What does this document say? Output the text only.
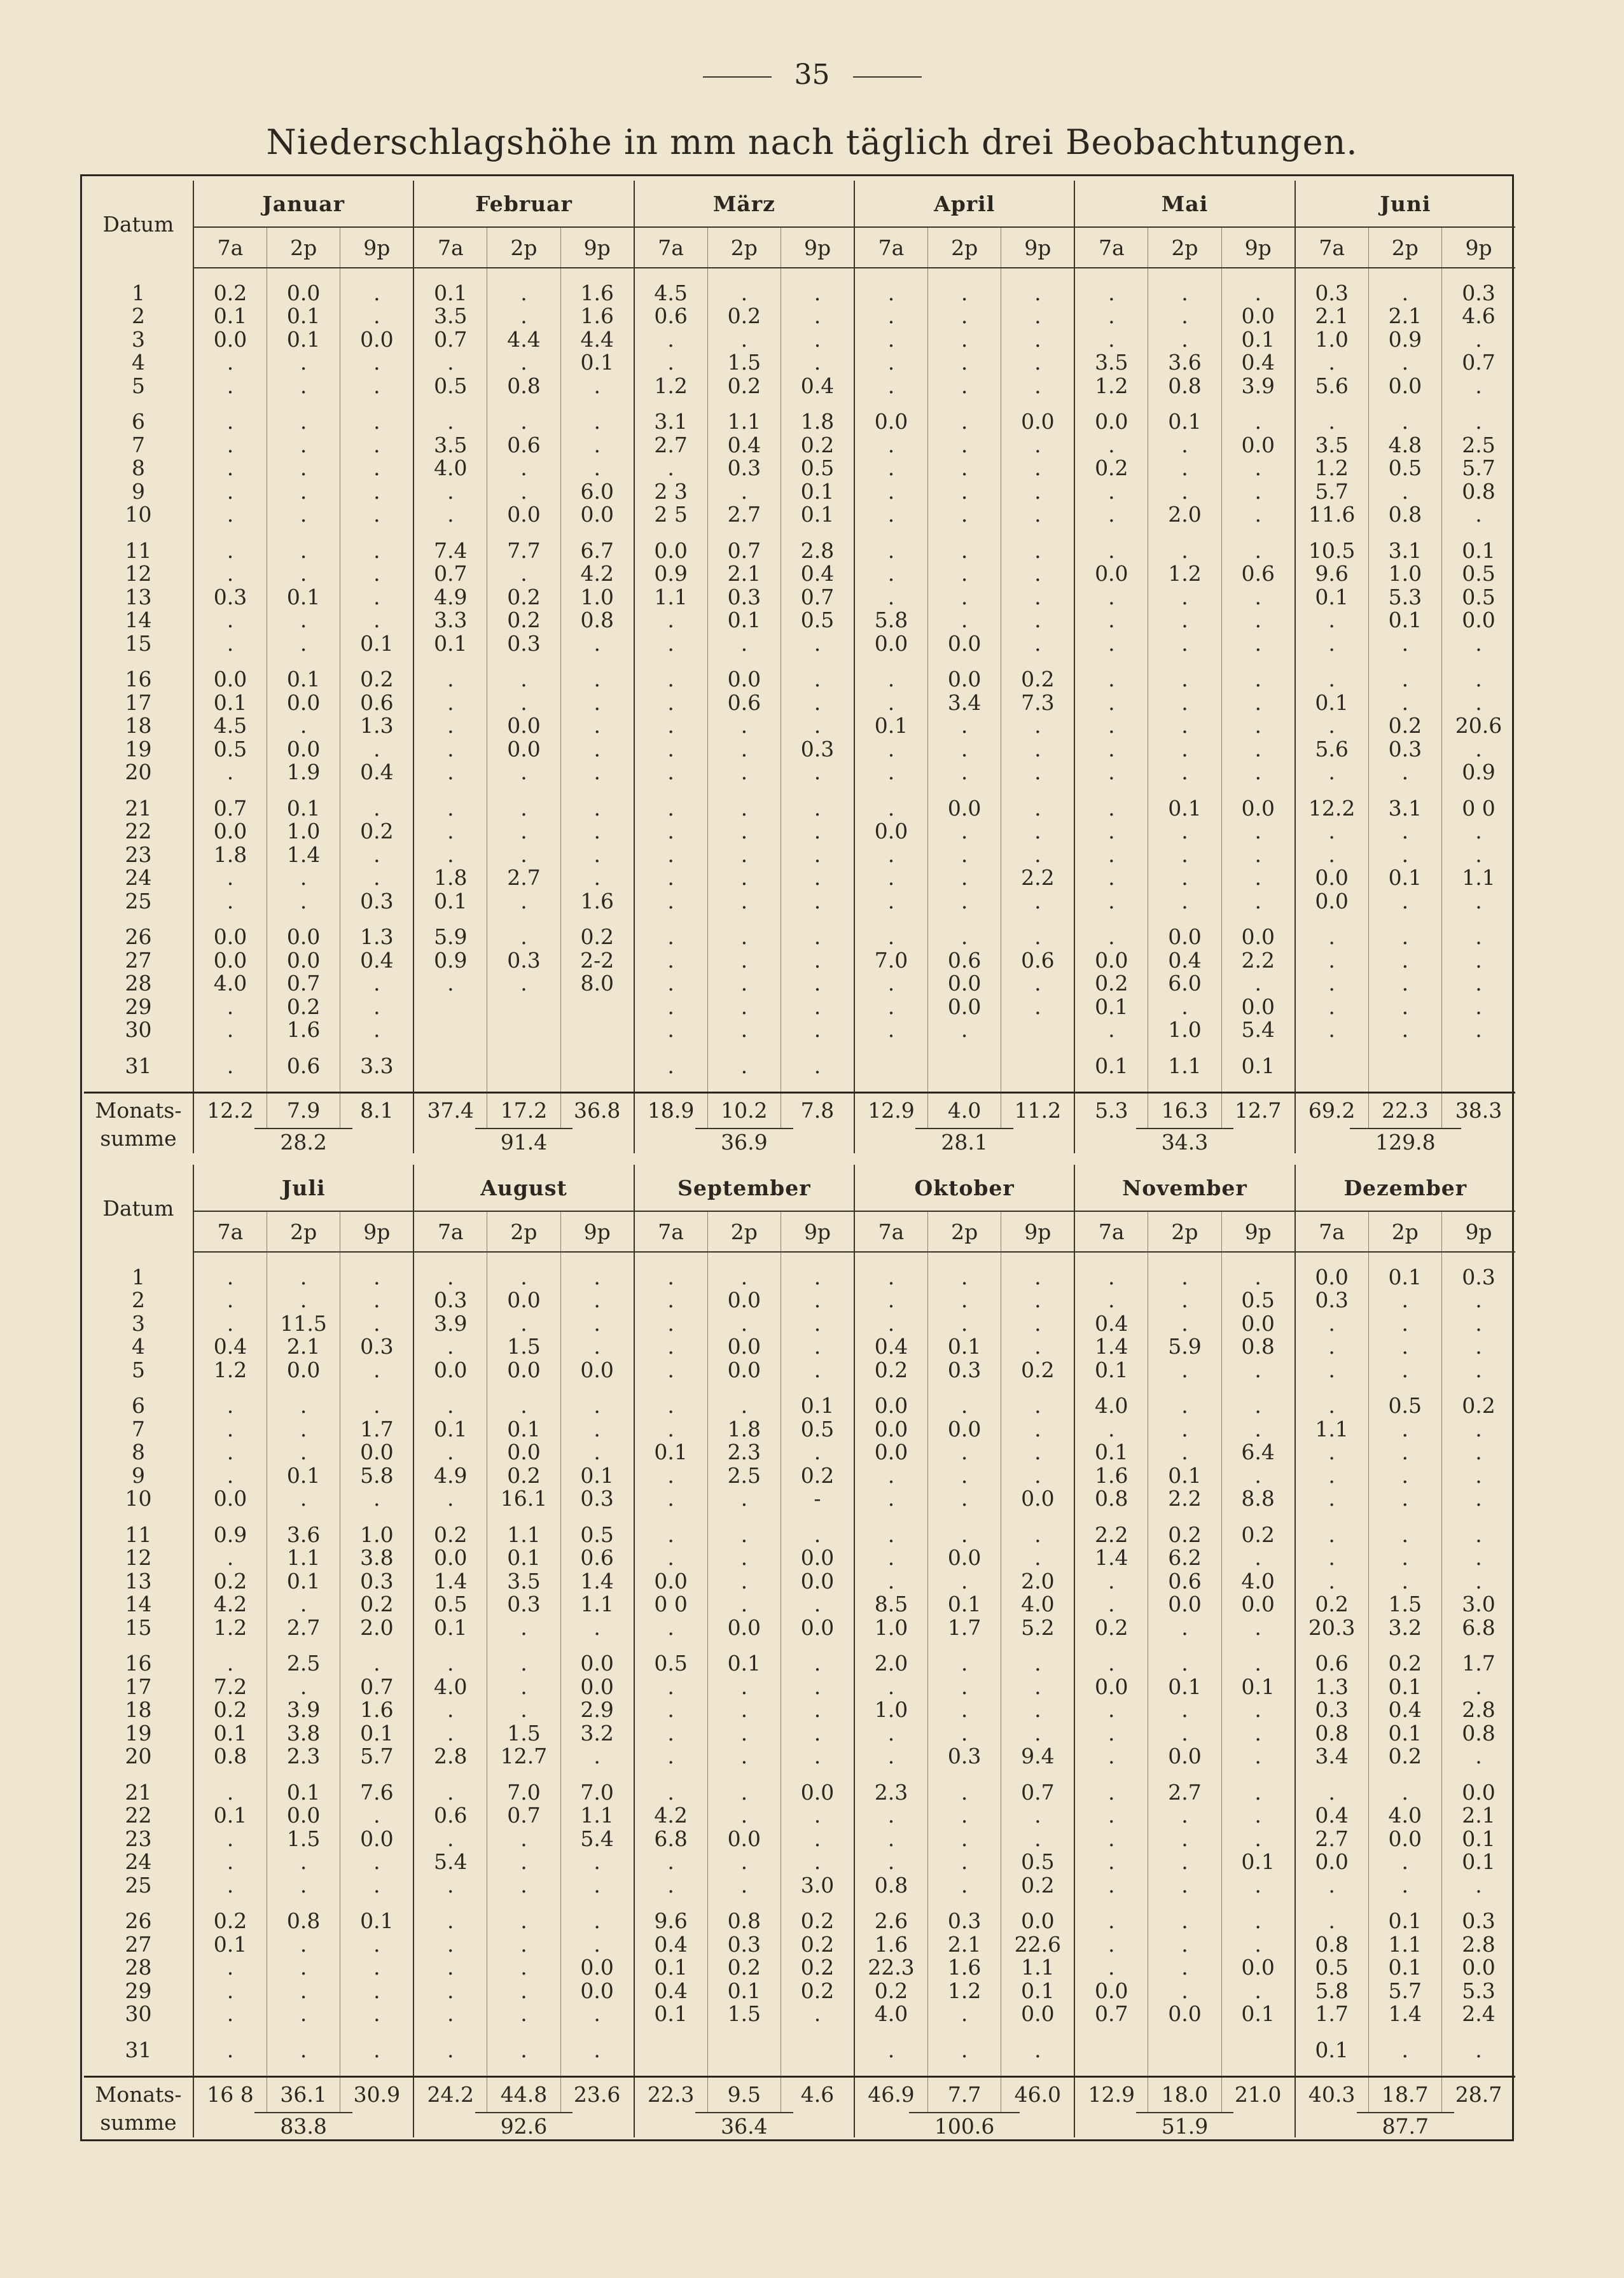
35
Niederschlagshöhe in mm nach täglich drei Beobachtungen.
Datum	Januar			Februar			März			April			Mai			Juni		
	7a	2p	9p	7a	2p	9p	7a	2p	9p	7a	2p	9p	7a	2p	9p	7a	2p	9p

1	0.2	0.0	.	0.1	.	1.6	4.5	.	.	.	.	.	.	.	.	0.3	.	0.3
2	0.1	0.1	.	3.5	.	1.6	0.6	0.2	.	.	.	.	.	.	0.0	2.1	2.1	4.6
3	0.0	0.1	0.0	0.7	4.4	4.4	.	.	.	.	.	.	.	.	0.1	1.0	0.9	.
4	.	.	.	.	.	0.1	.	1.5	.	.	.	.	3.5	3.6	0.4	.	.	0.7
5	.	.	.	0.5	0.8	.	1.2	0.2	0.4	.	.	.	1.2	0.8	3.9	5.6	0.0	.

6	.	.	.	.	.	.	3.1	1.1	1.8	0.0	.	0.0	0.0	0.1	.	.	.	.
7	.	.	.	3.5	0.6	.	2.7	0.4	0.2	.	.	.	.	.	0.0	3.5	4.8	2.5
8	.	.	.	4.0	.	.	.	0.3	0.5	.	.	.	0.2	.	.	1.2	0.5	5.7
9	.	.	.	.	.	6.0	2 3	.	0.1	.	.	.	.	.	.	5.7	.	0.8
10	.	.	.	.	0.0	0.0	2 5	2.7	0.1	.	.	.	.	2.0	.	11.6	0.8	.

11	.	.	.	7.4	7.7	6.7	0.0	0.7	2.8	.	.	.	.	.	.	10.5	3.1	0.1
12	.	.	.	0.7	.	4.2	0.9	2.1	0.4	.	.	.	0.0	1.2	0.6	9.6	1.0	0.5
13	0.3	0.1	.	4.9	0.2	1.0	1.1	0.3	0.7	.	.	.	.	.	.	0.1	5.3	0.5
14	.	.	.	3.3	0.2	0.8	.	0.1	0.5	5.8	.	.	.	.	.	.	0.1	0.0
15	.	.	0.1	0.1	0.3	.	.	.	.	0.0	0.0	.	.	.	.	.	.	.

16	0.0	0.1	0.2	.	.	.	.	0.0	.	.	0.0	0.2	.	.	.	.	.	.
17	0.1	0.0	0.6	.	.	.	.	0.6	.	.	3.4	7.3	.	.	.	0.1	.	.
18	4.5	.	1.3	.	0.0	.	.	.	.	0.1	.	.	.	.	.	.	0.2	20.6
19	0.5	0.0	.	.	0.0	.	.	.	0.3	.	.	.	.	.	.	5.6	0.3	.
20	.	1.9	0.4	.	.	.	.	.	.	.	.	.	.	.	.	.	.	0.9

21	0.7	0.1	.	.	.	.	.	.	.	.	0.0	.	.	0.1	0.0	12.2	3.1	0 0
22	0.0	1.0	0.2	.	.	.	.	.	.	0.0	.	.	.	.	.	.	.	.
23	1.8	1.4	.	.	.	.	.	.	.	.	.	.	.	.	.	.	.	.
24	.	.	.	1.8	2.7	.	.	.	.	.	.	2.2	.	.	.	0.0	0.1	1.1
25	.	.	0.3	0.1	.	1.6	.	.	.	.	.	.	.	.	.	0.0	.	.

26	0.0	0.0	1.3	5.9	.	0.2	.	.	.	.	.	.	.	0.0	0.0	.	.	.
27	0.0	0.0	0.4	0.9	0.3	2-2	.	.	.	7.0	0.6	0.6	0.0	0.4	2.2	.	.	.
28	4.0	0.7	.	.	.	8.0	.	.	.	.	0.0	.	0.2	6.0	.	.	.	.
29	.	0.2	.				.	.	.	.	0.0	.	0.1	.	0.0	.	.	.
30	.	1.6	.				.	.	.	.	.		.	1.0	5.4	.	.	.

31	.	0.6	3.3				.	.	.				0.1	1.1	0.1			

Monats-	12.2	7.9	8.1	37.4	17.2	36.8	18.9	10.2	7.8	12.9	4.0	11.2	5.3	16.3	12.7	69.2	22.3	38.3
summe	28.2			91.4			36.9			28.1			34.3			129.8		
Datum	Juli			August			September			Oktober			November			Dezember		
	7a	2p	9p	7a	2p	9p	7a	2p	9p	7a	2p	9p	7a	2p	9p	7a	2p	9p

1	.	.	.	.	.	.	.	.	.	.	.	.	.	.	.	0.0	0.1	0.3
2	.	.	.	0.3	0.0	.	.	0.0	.	.	.	.	.	.	0.5	0.3	.	.
3	.	11.5	.	3.9	.	.	.	.	.	.	.	.	0.4	.	0.0	.	.	.
4	0.4	2.1	0.3	.	1.5	.	.	0.0	.	0.4	0.1	.	1.4	5.9	0.8	.	.	.
5	1.2	0.0	.	0.0	0.0	0.0	.	0.0	.	0.2	0.3	0.2	0.1	.	.	.	.	.

6	.	.	.	.	.	.	.	.	0.1	0.0	.	.	4.0	.	.	.	0.5	0.2
7	.	.	1.7	0.1	0.1	.	.	1.8	0.5	0.0	0.0	.	.	.	.	1.1	.	.
8	.	.	0.0	.	0.0	.	0.1	2.3	.	0.0	.	.	0.1	.	6.4	.	.	.
9	.	0.1	5.8	4.9	0.2	0.1	.	2.5	0.2	.	.	.	1.6	0.1	.	.	.	.
10	0.0	.	.	.	16.1	0.3	.	.	-	.	.	0.0	0.8	2.2	8.8	.	.	.

11	0.9	3.6	1.0	0.2	1.1	0.5	.	.	.	.	.	.	2.2	0.2	0.2	.	.	.
12	.	1.1	3.8	0.0	0.1	0.6	.	.	0.0	.	0.0	.	1.4	6.2	.	.	.	.
13	0.2	0.1	0.3	1.4	3.5	1.4	0.0	.	0.0	.	.	2.0	.	0.6	4.0	.	.	.
14	4.2	.	0.2	0.5	0.3	1.1	0 0	.	.	8.5	0.1	4.0	.	0.0	0.0	0.2	1.5	3.0
15	1.2	2.7	2.0	0.1	.	.	.	0.0	0.0	1.0	1.7	5.2	0.2	.	.	20.3	3.2	6.8

16	.	2.5	.	.	.	0.0	0.5	0.1	.	2.0	.	.	.	.	.	0.6	0.2	1.7
17	7.2	.	0.7	4.0	.	0.0	.	.	.	.	.	.	0.0	0.1	0.1	1.3	0.1	.
18	0.2	3.9	1.6	.	.	2.9	.	.	.	1.0	.	.	.	.	.	0.3	0.4	2.8
19	0.1	3.8	0.1	.	1.5	3.2	.	.	.	.	.	.	.	.	.	0.8	0.1	0.8
20	0.8	2.3	5.7	2.8	12.7	.	.	.	.	.	0.3	9.4	.	0.0	.	3.4	0.2	.

21	.	0.1	7.6	.	7.0	7.0	.	.	0.0	2.3	.	0.7	.	2.7	.	.	.	0.0
22	0.1	0.0	.	0.6	0.7	1.1	4.2	.	.	.	.	.	.	.	.	0.4	4.0	2.1
23	.	1.5	0.0	.	.	5.4	6.8	0.0	.	.	.	.	.	.	.	2.7	0.0	0.1
24	.	.	.	5.4	.	.	.	.	.	.	.	0.5	.	.	0.1	0.0	.	0.1
25	.	.	.	.	.	.	.	.	3.0	0.8	.	0.2	.	.	.	.	.	.

26	0.2	0.8	0.1	.	.	.	9.6	0.8	0.2	2.6	0.3	0.0	.	.	.	.	0.1	0.3
27	0.1	.	.	.	.	.	0.4	0.3	0.2	1.6	2.1	22.6	.	.	.	0.8	1.1	2.8
28	.	.	.	.	.	0.0	0.1	0.2	0.2	22.3	1.6	1.1	.	.	0.0	0.5	0.1	0.0
29	.	.	.	.	.	0.0	0.4	0.1	0.2	0.2	1.2	0.1	0.0	.	.	5.8	5.7	5.3
30	.	.	.	.	.	.	0.1	1.5	.	4.0	.	0.0	0.7	0.0	0.1	1.7	1.4	2.4

31	.	.	.	.	.	.				.	.	.				0.1	.	.

Monats-	16 8	36.1	30.9	24.2	44.8	23.6	22.3	9.5	4.6	46.9	7.7	46.0	12.9	18.0	21.0	40.3	18.7	28.7
summe	83.8			92.6			36.4			100.6			51.9			87.7		
